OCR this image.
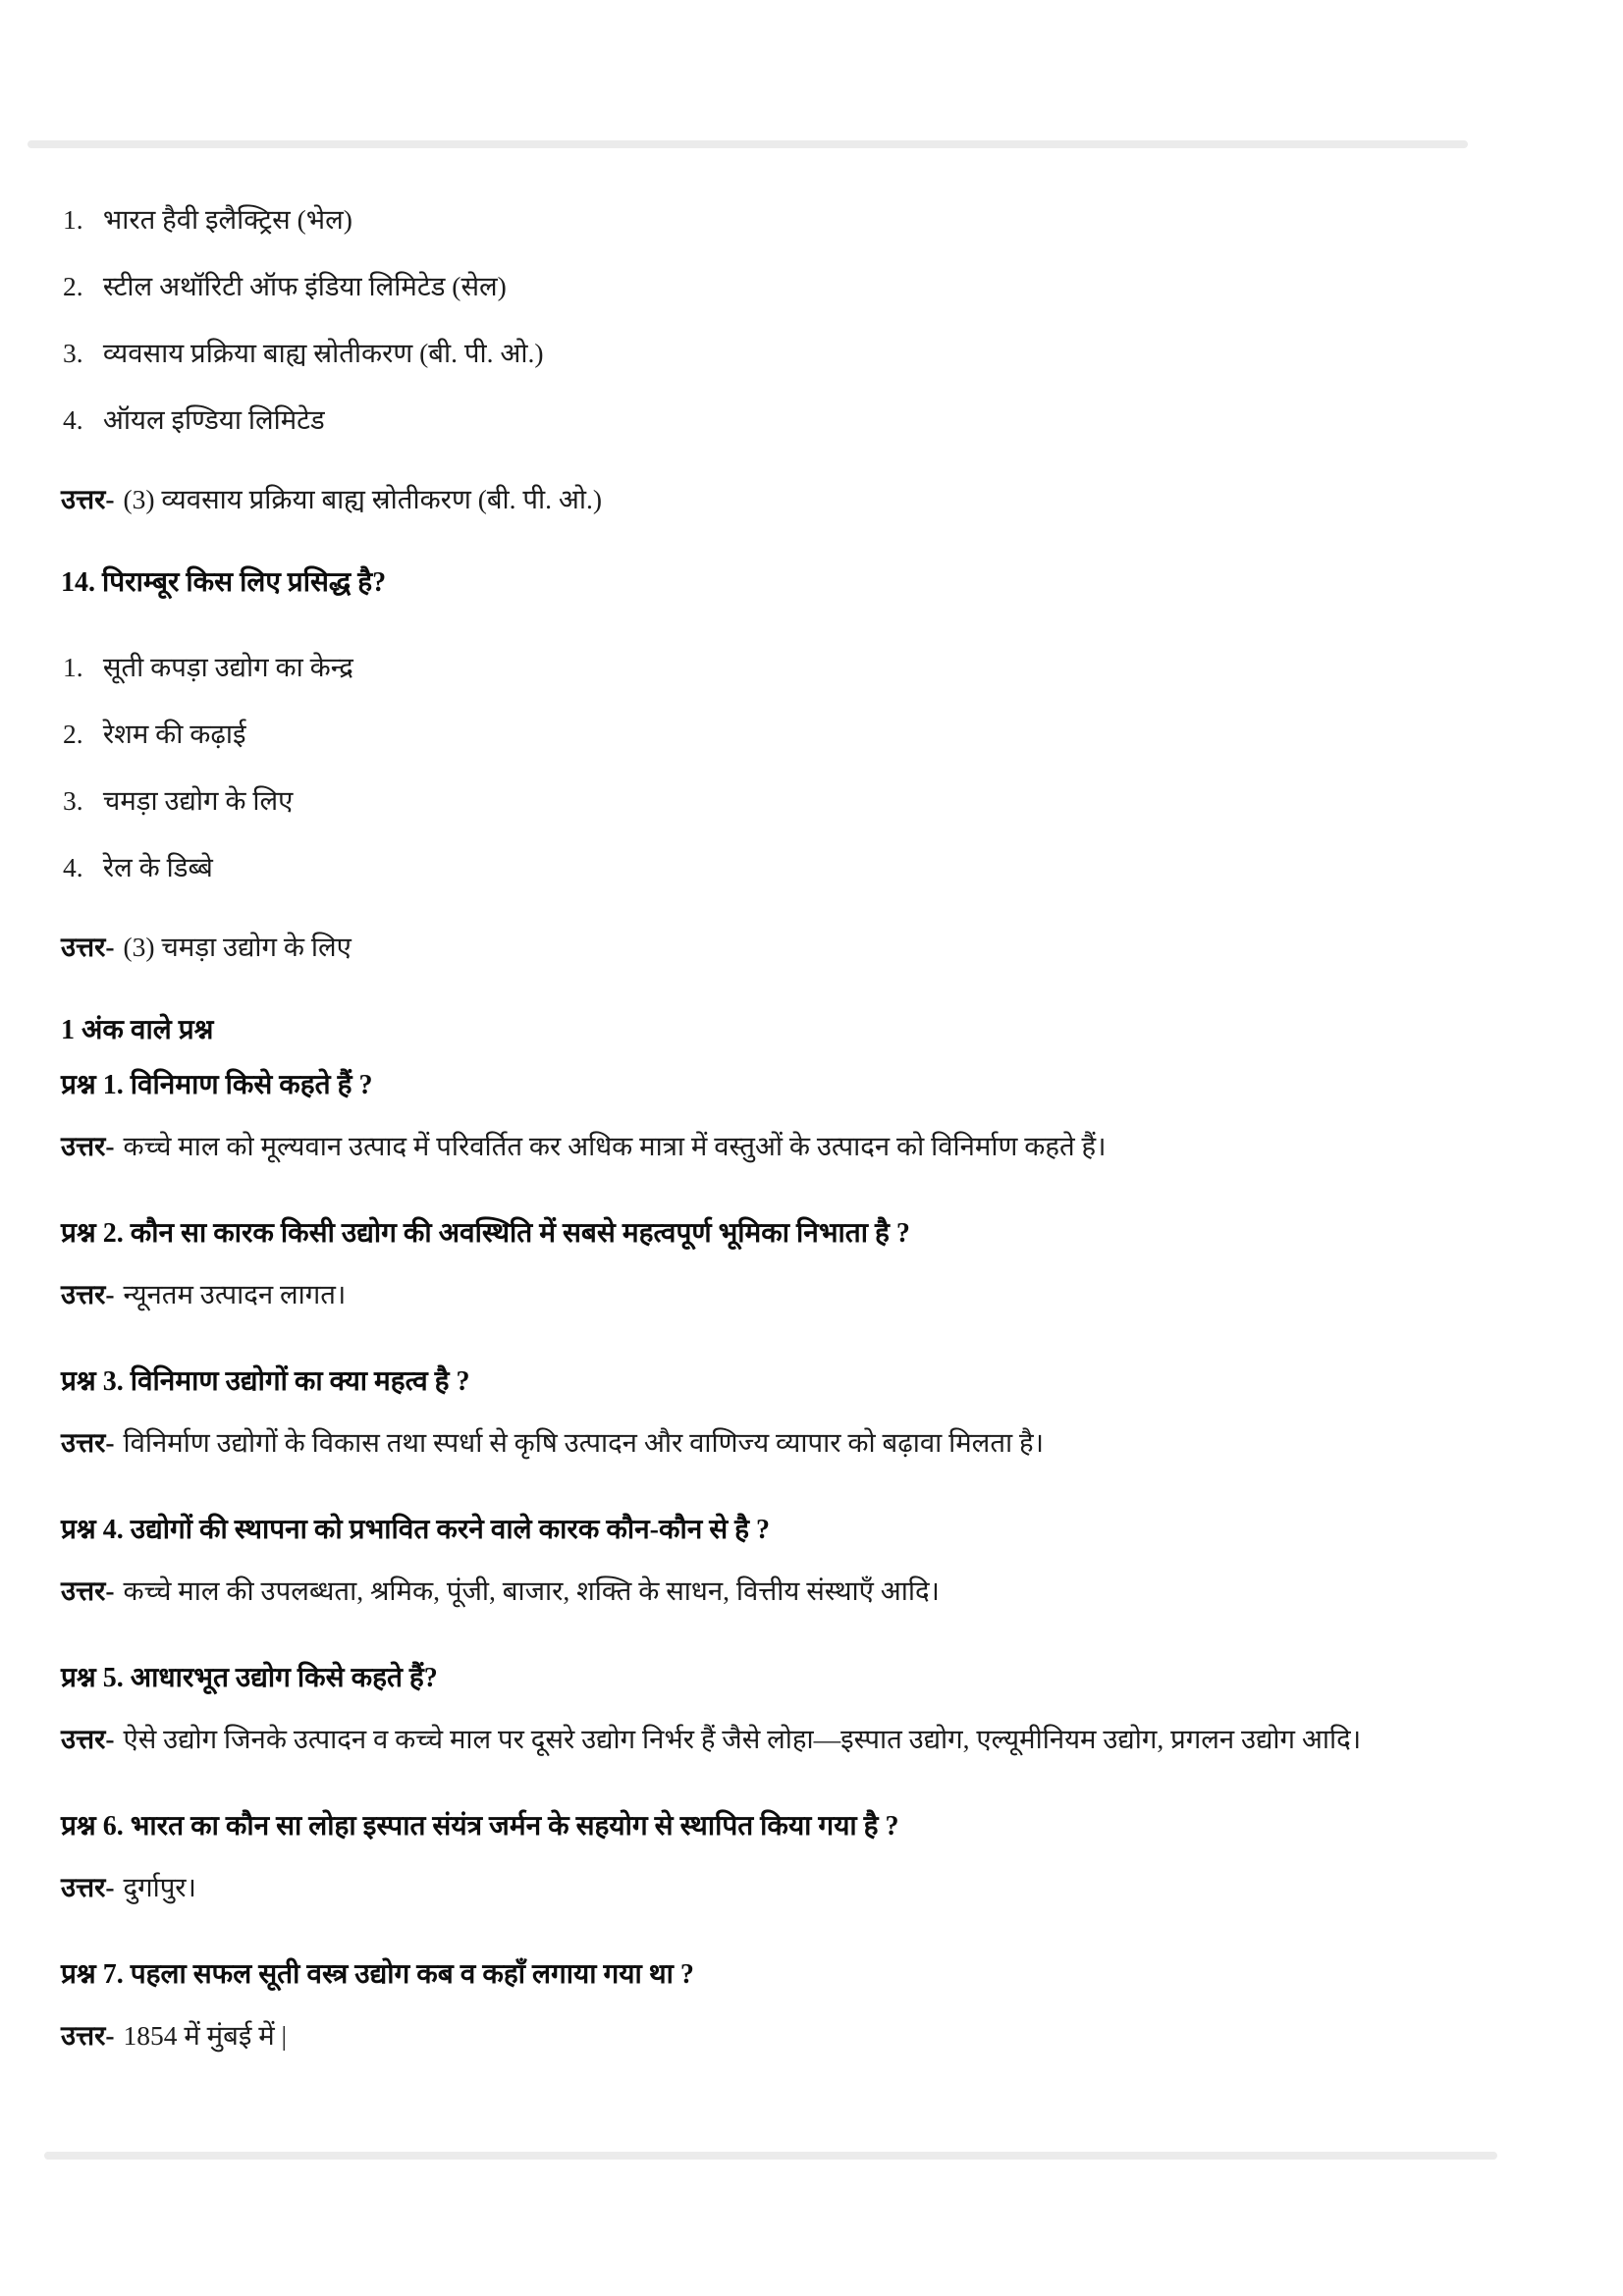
1. भारत हैवी इलैक्ट्रिस (भेल)
2. स्टील अथॉरिटी ऑफ इंडिया लिमिटेड (सेल)
3. व्यवसाय प्रक्रिया बाह्य स्रोतीकरण (बी. पी. ओ.)
4. ऑयल इण्डिया लिमिटेड

उत्तर- (3) व्यवसाय प्रक्रिया बाह्य स्रोतीकरण (बी. पी. ओ.)

14. पिराम्बूर किस लिए प्रसिद्ध है?
1. सूती कपड़ा उद्योग का केन्द्र
2. रेशम की कढ़ाई
3. चमड़ा उद्योग के लिए
4. रेल के डिब्बे

उत्तर- (3) चमड़ा उद्योग के लिए

1 अंक वाले प्रश्न
प्रश्न 1. विनिमाण किसे कहते हैं ?

उत्तर- कच्चे माल को मूल्यवान उत्पाद में परिवर्तित कर अधिक मात्रा में वस्तुओं के उत्पादन को विनिर्माण कहते हैं।

प्रश्न 2. कौन सा कारक किसी उद्योग की अवस्थिति में सबसे महत्वपूर्ण भूमिका निभाता है ?

उत्तर- न्यूनतम उत्पादन लागत।

प्रश्न 3. विनिमाण उद्योगों का क्या महत्व है ?

उत्तर- विनिर्माण उद्योगों के विकास तथा स्पर्धा से कृषि उत्पादन और वाणिज्य व्यापार को बढ़ावा मिलता है।

प्रश्न 4. उद्योगों की स्थापना को प्रभावित करने वाले कारक कौन-कौन से है ?

उत्तर- कच्चे माल की उपलब्धता, श्रमिक, पूंजी, बाजार, शक्ति के साधन, वित्तीय संस्थाएँ आदि।

प्रश्न 5. आधारभूत उद्योग किसे कहते हैं?

उत्तर- ऐसे उद्योग जिनके उत्पादन व कच्चे माल पर दूसरे उद्योग निर्भर हैं जैसे लोहा—इस्पात उद्योग, एल्यूमीनियम उद्योग, प्रगलन उद्योग आदि।

प्रश्न 6. भारत का कौन सा लोहा इस्पात संयंत्र जर्मन के सहयोग से स्थापित किया गया है ?

उत्तर- दुर्गापुर।

प्रश्न 7. पहला सफल सूती वस्त्र उद्योग कब व कहाँ लगाया गया था ?

उत्तर- 1854 में मुंबई में |
